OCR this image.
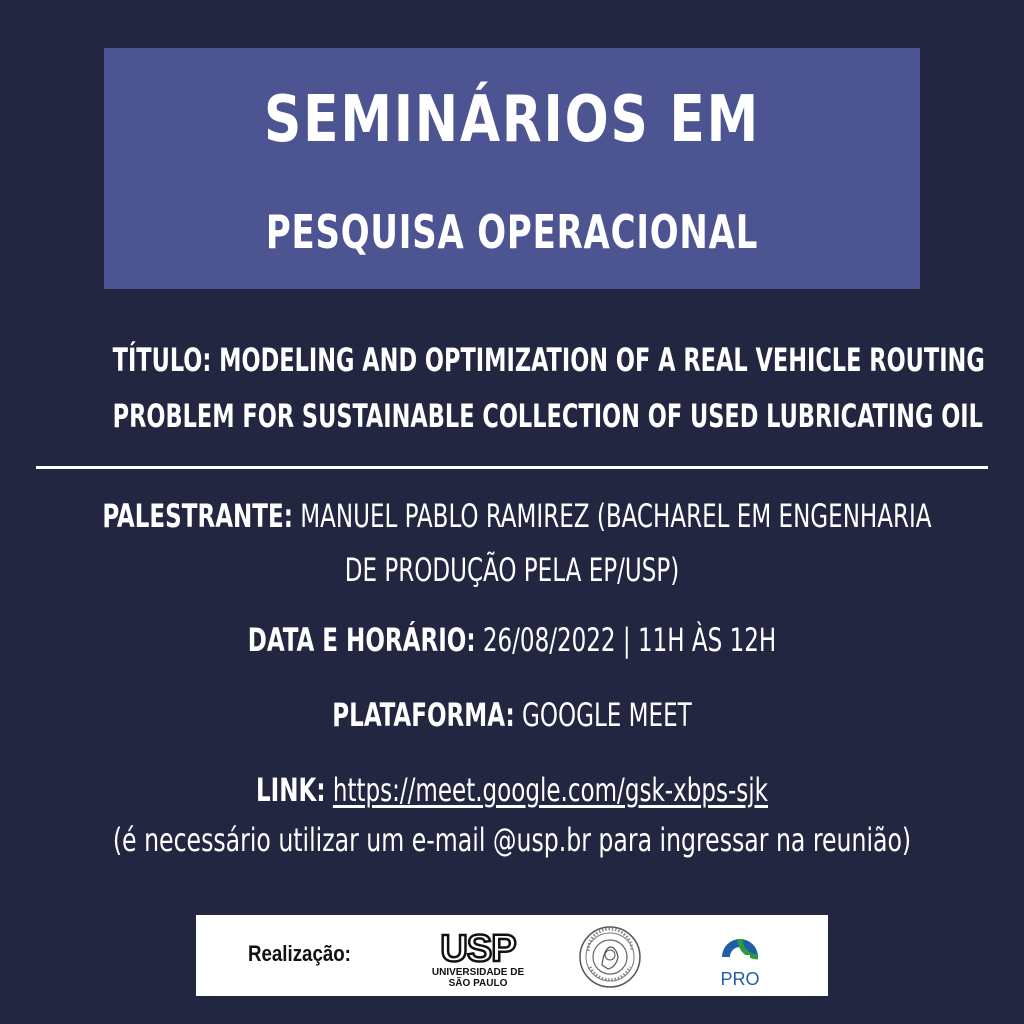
SEMINÁRIOS EM
PESQUISA OPERACIONAL
TÍTULO: MODELING AND OPTIMIZATION OF A REAL VEHICLE ROUTING
PROBLEM FOR SUSTAINABLE COLLECTION OF USED LUBRICATING OIL
PALESTRANTE: MANUEL PABLO RAMIREZ (BACHAREL EM ENGENHARIA
DE PRODUÇÃO PELA EP/USP)
DATA E HORÁRIO: 26/08/2022 | 11H ÀS 12H
PLATAFORMA: GOOGLE MEET
LINK: https://meet.google.com/gsk-xbps-sjk
(é necessário utilizar um e-mail @usp.br para ingressar na reunião)
Realização: USP
UNIVERSIDADE DE
SÃO PAULO	PRO
